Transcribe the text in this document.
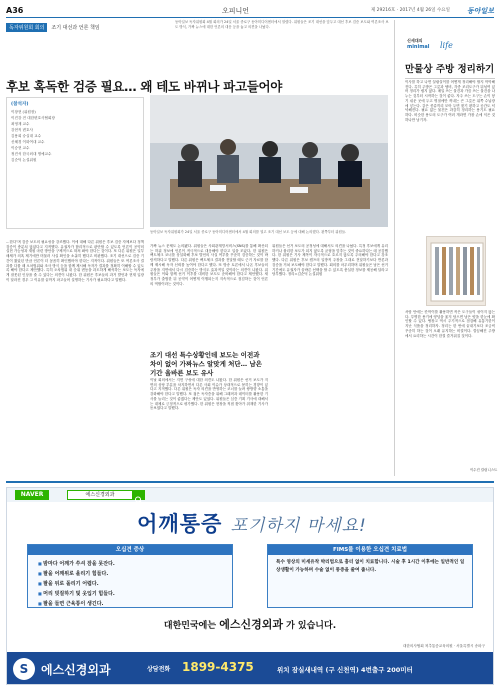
A36	오피니언	제 29216호 · 2017년 4월 26일 수요일 동아일보
독자위원회 회의	조기 대선과 언론 책임
동아일보 독자위원회 4월 회의가 24일 서울 종로구 동아미디어센터에서 열렸다. 위원들은 조기 대선을 앞두고 대선 후보 검증 보도와 여론조사 보도 방식, 가짜 뉴스에 대한 언론의 대응 등을 놓고 의견을 나눴다.
후보 혹독한 검증 필요… 왜 테도 바뀌나 파고들어야
(참석자)
이창현 (위원장)
이진강 전 대한변호사협회장
최영재 교수
강현직 변호사
김용희 숭실대 교수
신혜경 이화여대 교수
이승현 교수
정진석 한국외대 명예교수
김순덕 논설위원
동아일보 독자위원회가 24일 서울 종로구 동아미디어센터에서 4월 회의를 열고 조기 대선 보도 등에 대해 논의했다. 왼쪽부터 위원들.
…한다’며 검증 보도의 필요성을 강조했다. 이에 대해 다른 위원은 후보 검증 자체보다 정책 검증이 충분치 않았다고 지적했다. 유권자가 합리적으로 판단할 수 있도록 언론이 공약의 실현 가능성과 재원 마련 방안을 구체적으로 따져 봐야 한다는 것이다. 또 다른 위원은 일부 매체가 의혹 제기에만 머물러 사실 확인을 소홀히 했다고 비판했다. 조기 대선으로 검증 기간이 짧았던 만큼 언론이 더 꼼꼼히 확인했어야 한다는 지적이다. 위원들은 또 여론조사 결과를 다룰 때 오차범위와 조사 방식 등을 함께 제시해 독자가 결과를 정확히 이해할 수 있도록 해야 한다고 제안했다. 특히 오차범위 내 순위 변동을 과도하게 해석하는 보도는 독자에게 잘못된 인상을 줄 수 있다는 의견이 나왔다. 한 위원은 후보들의 과거 발언과 현재 입장이 달라진 경우 그 이유를 끝까지 파고들어 설명하는 기사가 필요하다고 말했다.
가짜 뉴스 문제도 논의됐다. 위원들은 사회관계망서비스(SNS)를 통해 확산되는 허위 정보에 언론이 적극적으로 대응해야 한다고 입을 모았다. 한 위원은 팩트체크 코너를 상설화해 후보 발언의 사실 여부를 꾸준히 검증하는 것이 바람직하다고 말했다. 다른 위원은 팩트체크 결과를 전달할 때도 근거 자료를 함께 제시해 독자 신뢰를 높여야 한다고 했다. 또 방송 토론에서 나온 후보들의 주장을 지면에서 다시 검증하는 방식도 효과적일 것이라는 의견이 나왔다. 위원들은 이와 함께 선거 이후를 대비한 보도도 준비해야 한다고 제안했다. 새 정부가 출범한 뒤 공약이 어떻게 이행되는지 지속적으로 점검하는 것이 언론의 역할이라는 것이다.
조기 대선 특수상황인데 보도는 이전과 차이 없어 가짜뉴스 알맞게 처단… 남은 기간 올바른 보도 유사
이날 회의에서는 지면 구성에 대한 의견도 나왔다. 한 위원은 선거 보도가 지면의 상당 부분을 차지하면서 다른 사회 이슈가 상대적으로 묻히는 경향이 있다고 지적했다. 다른 위원은 독자 의견을 반영하는 코너를 늘려 쌍방향 소통을 강화해야 한다고 말했다. 또 젊은 독자층을 위해 그래픽과 데이터를 활용한 기사를 늘리는 것이 좋겠다는 제안도 있었다. 위원들은 심층 기획 기사에 대해서는 대체로 긍정적으로 평가했다. 한 위원은 현장을 직접 찾아가 취재한 기사가 돋보였다고 말했다.
위원들은 선거 보도의 공정성에 대해서도 의견을 나눴다. 특정 후보에게 유리하거나 불리한 보도가 되지 않도록 균형을 맞추는 것이 중요하다는 데 공감했다. 한 위원은 기사 제목이 자극적으로 흐르지 않도록 주의해야 한다고 강조했다. 다른 위원은 후보 캠프의 일방적 주장을 그대로 전달하기보다 반론과 검증을 거쳐 보도해야 한다고 말했다. 회의를 마무리하며 위원들은 남은 선거 기간에도 유권자가 올바른 선택을 할 수 있도록 충실한 정보를 제공해 달라고 당부했다. 정리=김순덕 논설위원
신세대의
minimal life
만물상 주방 정리하기
이사를 하고 나면 살림살이를 어떻게 정리해야 할지 막막해진다. 특히 주방은 그릇과 냄비, 각종 조리도구가 뒤섞여 있어 정리가 쉽지 않다. 매일 쓰는 물건과 가끔 쓰는 물건을 나누는 것부터 시작하는 것이 좋다. 자주 쓰는 도구는 손이 닿기 쉬운 곳에 두고 명절에만 꺼내는 큰 그릇은 위쪽 수납장에 넣는다. 같은 종류끼리 모아 두면 찾기 편하고 공간도 넉넉해진다. 필요 없는 물건은 과감히 정리하는 용기도 필요하다. 비슷한 용도의 도구가 여러 개라면 가장 손에 익은 것 하나만 남기자.
서랍 안에는 칸막이를 활용하면 작은 도구들이 섞이지 않는다. 투명한 용기에 양념을 옮겨 담으면 남은 양을 한눈에 확인할 수 있다. 냉장고 역시 주기적으로 점검해 유통기한이 지난 식품을 정리하자. 정리는 한 번에 끝내기보다 조금씩 꾸준히 하는 것이 오래 유지하는 비결이다. 깔끔해진 주방에서 요리하는 시간이 한결 즐거워질 것이다.
이수진 칼럼니스트
NAVER	에스신경외과
어깨통증 포기하지 마세요!
오십견 증상
■ 밤마다 어깨가 쑤셔 잠을 못잔다.
■ 팔을 어깨위로 올리기 힘들다.
■ 팔을 뒤로 돌리기 어렵다.
■ 머리 빗질하기 및 옷입기 힘들다.
■ 팔을 들면 근육통이 생긴다.
FIMS를 이용한 오십견 치료법
특수 영상의 미세유착 박리법으로 흉터 없이 치료합니다. 시술 후 1시간 이후에는 일반적인 일상생활이 가능하며 수술 없이 통증을 줄여 줍니다.
대한민국에는 에스신경외과 가 있습니다.
대한의사협회 척추통증교육의원 · 서울특별시 송파구
S	에스신경외과	상담전화 1899-4375	위치 잠실새내역 (구 신천역) 4번출구 200미터
